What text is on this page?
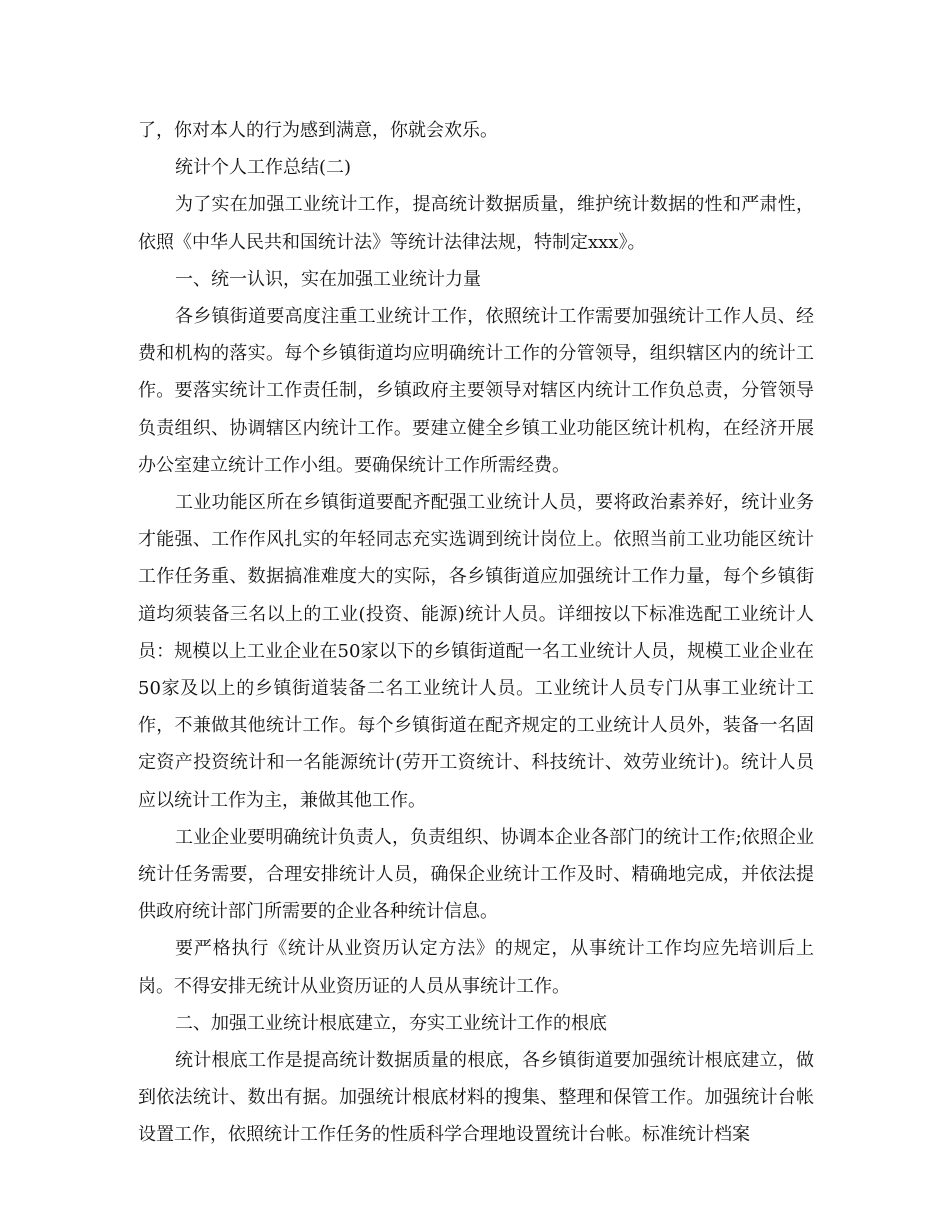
了，你对本人的行为感到满意，你就会欢乐。

统计个人工作总结(二)

为了实在加强工业统计工作，提高统计数据质量，维护统计数据的性和严肃性，依照《中华人民共和国统计法》等统计法律法规，特制定xxx》。

一、统一认识，实在加强工业统计力量

各乡镇街道要高度注重工业统计工作，依照统计工作需要加强统计工作人员、经费和机构的落实。每个乡镇街道均应明确统计工作的分管领导，组织辖区内的统计工作。要落实统计工作责任制，乡镇政府主要领导对辖区内统计工作负总责，分管领导负责组织、协调辖区内统计工作。要建立健全乡镇工业功能区统计机构，在经济开展办公室建立统计工作小组。要确保统计工作所需经费。

工业功能区所在乡镇街道要配齐配强工业统计人员，要将政治素养好，统计业务才能强、工作作风扎实的年轻同志充实选调到统计岗位上。依照当前工业功能区统计工作任务重、数据搞准难度大的实际，各乡镇街道应加强统计工作力量，每个乡镇街道均须装备三名以上的工业(投资、能源)统计人员。详细按以下标准选配工业统计人员：规模以上工业企业在50家以下的乡镇街道配一名工业统计人员，规模工业企业在50家及以上的乡镇街道装备二名工业统计人员。工业统计人员专门从事工业统计工作，不兼做其他统计工作。每个乡镇街道在配齐规定的工业统计人员外，装备一名固定资产投资统计和一名能源统计(劳开工资统计、科技统计、效劳业统计)。统计人员应以统计工作为主，兼做其他工作。

工业企业要明确统计负责人，负责组织、协调本企业各部门的统计工作;依照企业统计任务需要，合理安排统计人员，确保企业统计工作及时、精确地完成，并依法提供政府统计部门所需要的企业各种统计信息。

要严格执行《统计从业资历认定方法》的规定，从事统计工作均应先培训后上岗。不得安排无统计从业资历证的人员从事统计工作。

二、加强工业统计根底建立，夯实工业统计工作的根底

统计根底工作是提高统计数据质量的根底，各乡镇街道要加强统计根底建立，做到依法统计、数出有据。加强统计根底材料的搜集、整理和保管工作。加强统计台帐设置工作，依照统计工作任务的性质科学合理地设置统计台帐。标准统计档案
